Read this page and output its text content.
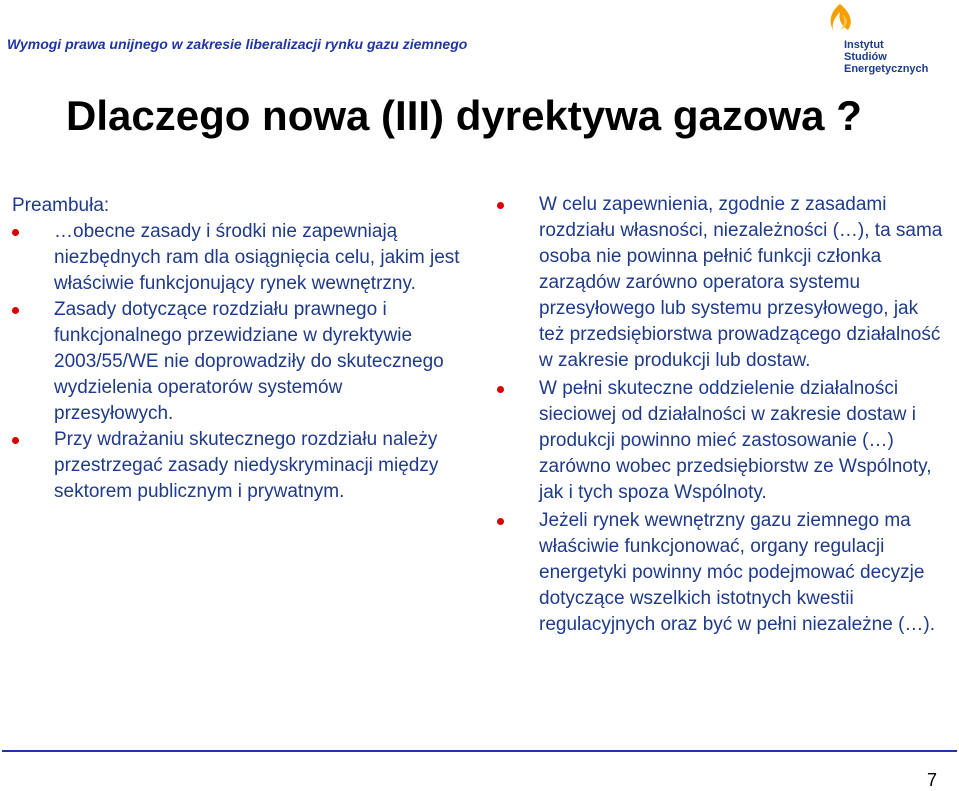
Wymogi prawa unijnego w zakresie liberalizacji rynku gazu ziemnego	Instytut
Studiów Energetycznych
Dlaczego nowa (III) dyrektywa gazowa ?
Preambuła:
…obecne zasady i środki nie zapewniają niezbędnych ram dla osiągnięcia celu, jakim jest właściwie funkcjonujący rynek wewnętrzny.
Zasady dotyczące rozdziału prawnego i funkcjonalnego przewidziane w dyrektywie 2003/55/WE nie doprowadziły do skutecznego wydzielenia operatorów systemów przesyłowych.
Przy wdrażaniu skutecznego rozdziału należy przestrzegać zasady niedyskryminacji między sektorem publicznym i prywatnym.
W celu zapewnienia, zgodnie z zasadami rozdziału własności, niezależności (…), ta sama osoba nie powinna pełnić funkcji członka zarządów zarówno operatora systemu przesyłowego lub systemu przesyłowego, jak też przedsiębiorstwa prowadzącego działalność w zakresie produkcji lub dostaw.
W pełni skuteczne oddzielenie działalności sieciowej od działalności w zakresie dostaw i produkcji powinno mieć zastosowanie (…) zarówno wobec przedsiębiorstw ze Wspólnoty, jak i tych spoza Wspólnoty.
Jeżeli rynek wewnętrzny gazu ziemnego ma właściwie funkcjonować, organy regulacji energetyki powinny móc podejmować decyzje dotyczące wszelkich istotnych kwestii regulacyjnych oraz być w pełni niezależne (…).
7
